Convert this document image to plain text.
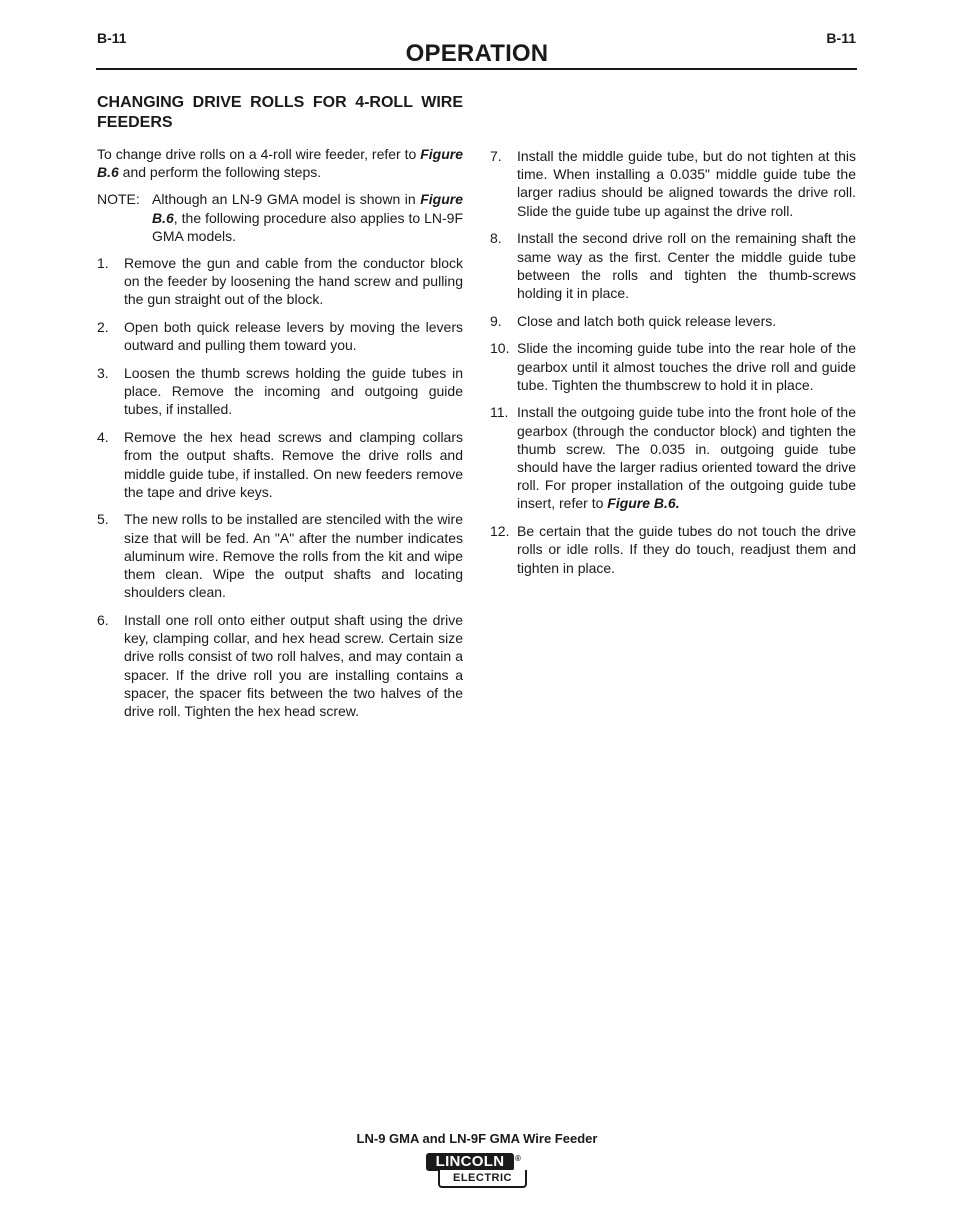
B-11	B-11
OPERATION
CHANGING DRIVE ROLLS FOR 4-ROLL WIRE FEEDERS
To change drive rolls on a 4-roll wire feeder, refer to Figure B.6 and perform the following steps.
NOTE: Although an LN-9 GMA model is shown in Figure B.6, the following procedure also applies to LN-9F GMA models.
1.	Remove the gun and cable from the conductor block on the feeder by loosening the hand screw and pulling the gun straight out of the block.
2.	Open both quick release levers by moving the levers outward and pulling them toward you.
3.	Loosen the thumb screws holding the guide tubes in place. Remove the incoming and outgoing guide tubes, if installed.
4.	Remove the hex head screws and clamping collars from the output shafts. Remove the drive rolls and middle guide tube, if installed. On new feeders remove the tape and drive keys.
5.	The new rolls to be installed are stenciled with the wire size that will be fed. An "A" after the number indicates aluminum wire. Remove the rolls from the kit and wipe them clean. Wipe the output shafts and locating shoulders clean.
6.	Install one roll onto either output shaft using the drive key, clamping collar, and hex head screw. Certain size drive rolls consist of two roll halves, and may contain a spacer. If the drive roll you are installing contains a spacer, the spacer fits between the two halves of the drive roll. Tighten the hex head screw.
7.	Install the middle guide tube, but do not tighten at this time. When installing a 0.035" middle guide tube the larger radius should be aligned towards the drive roll. Slide the guide tube up against the drive roll.
8.	Install the second drive roll on the remaining shaft the same way as the first. Center the middle guide tube between the rolls and tighten the thumb-screws holding it in place.
9.	Close and latch both quick release levers.
10. Slide the incoming guide tube into the rear hole of the gearbox until it almost touches the drive roll and guide tube. Tighten the thumbscrew to hold it in place.
11. Install the outgoing guide tube into the front hole of the gearbox (through the conductor block) and tighten the thumb screw. The 0.035 in. outgoing guide tube should have the larger radius oriented toward the drive roll. For proper installation of the outgoing guide tube insert, refer to Figure B.6.
12. Be certain that the guide tubes do not touch the drive rolls or idle rolls. If they do touch, readjust them and tighten in place.
LN-9 GMA and LN-9F GMA Wire Feeder
LINCOLN	®
ELECTRIC
